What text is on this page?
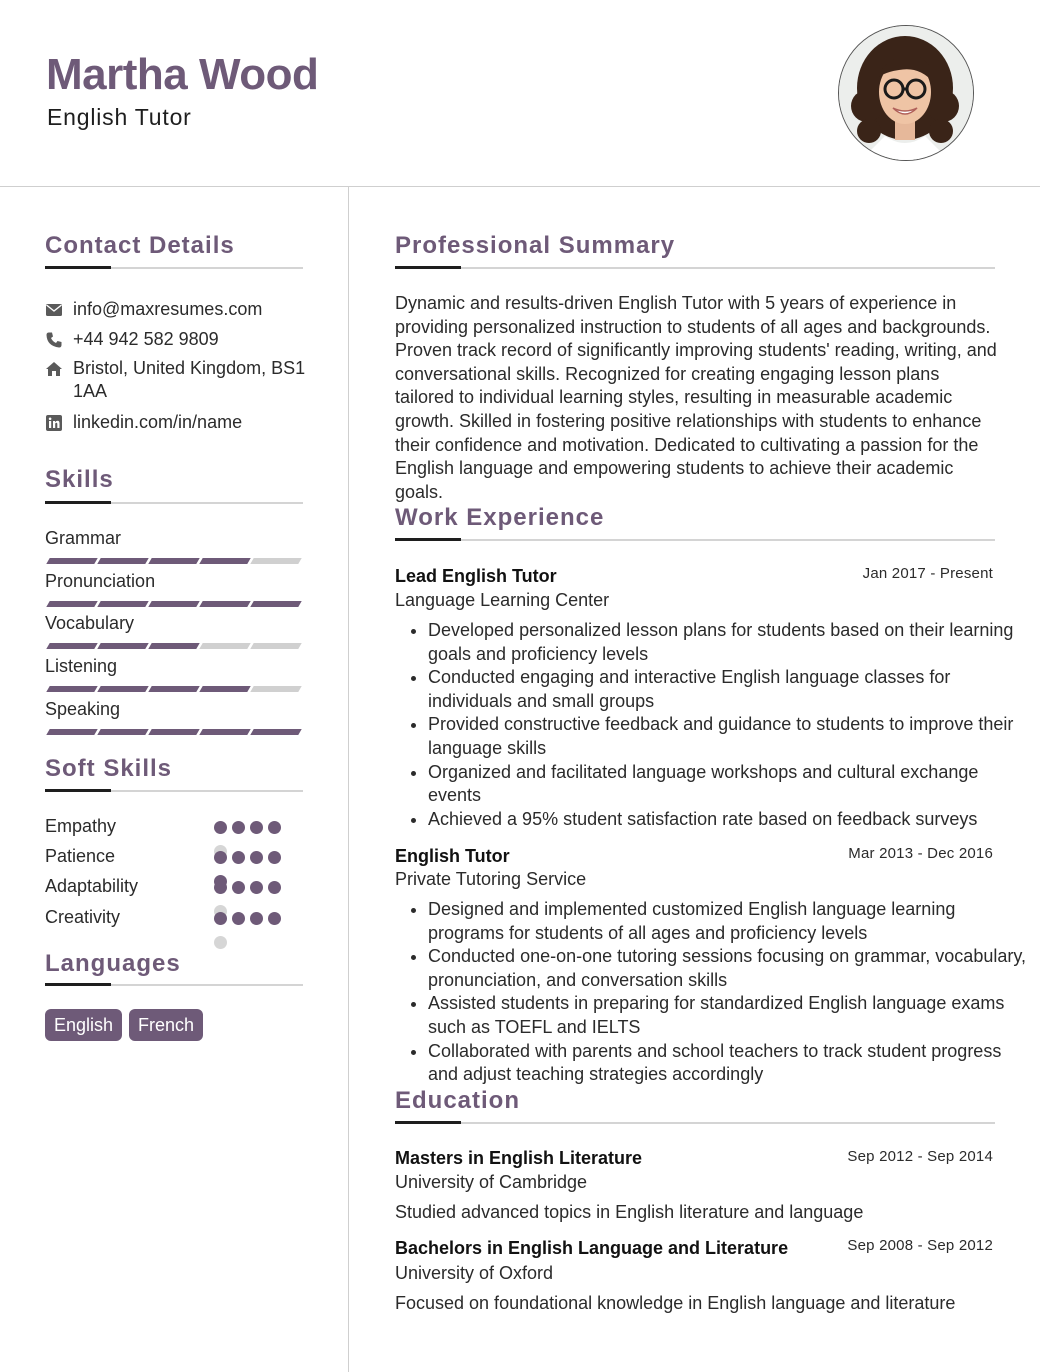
Martha Wood
English Tutor
Contact Details
info@maxresumes.com
+44 942 582 9809
Bristol, United Kingdom, BS1 1AA
linkedin.com/in/name
Skills
Grammar
Pronunciation
Vocabulary
Listening
Speaking
Soft Skills
Empathy
Patience
Adaptability
Creativity
Languages
English	French
Professional Summary
Dynamic and results-driven English Tutor with 5 years of experience in providing personalized instruction to students of all ages and backgrounds. Proven track record of significantly improving students' reading, writing, and conversational skills. Recognized for creating engaging lesson plans tailored to individual learning styles, resulting in measurable academic growth. Skilled in fostering positive relationships with students to enhance their confidence and motivation. Dedicated to cultivating a passion for the English language and empowering students to achieve their academic goals.
Work Experience
Lead English Tutor	Jan 2017 - Present
Language Learning Center
• Developed personalized lesson plans for students based on their learning goals and proficiency levels
• Conducted engaging and interactive English language classes for individuals and small groups
• Provided constructive feedback and guidance to students to improve their language skills
• Organized and facilitated language workshops and cultural exchange events
• Achieved a 95% student satisfaction rate based on feedback surveys
English Tutor	Mar 2013 - Dec 2016
Private Tutoring Service
• Designed and implemented customized English language learning programs for students of all ages and proficiency levels
• Conducted one-on-one tutoring sessions focusing on grammar, vocabulary, pronunciation, and conversation skills
• Assisted students in preparing for standardized English language exams such as TOEFL and IELTS
• Collaborated with parents and school teachers to track student progress and adjust teaching strategies accordingly
Education
Masters in English Literature	Sep 2012 - Sep 2014
University of Cambridge
Studied advanced topics in English literature and language
Bachelors in English Language and Literature	Sep 2008 - Sep 2012
University of Oxford
Focused on foundational knowledge in English language and literature
